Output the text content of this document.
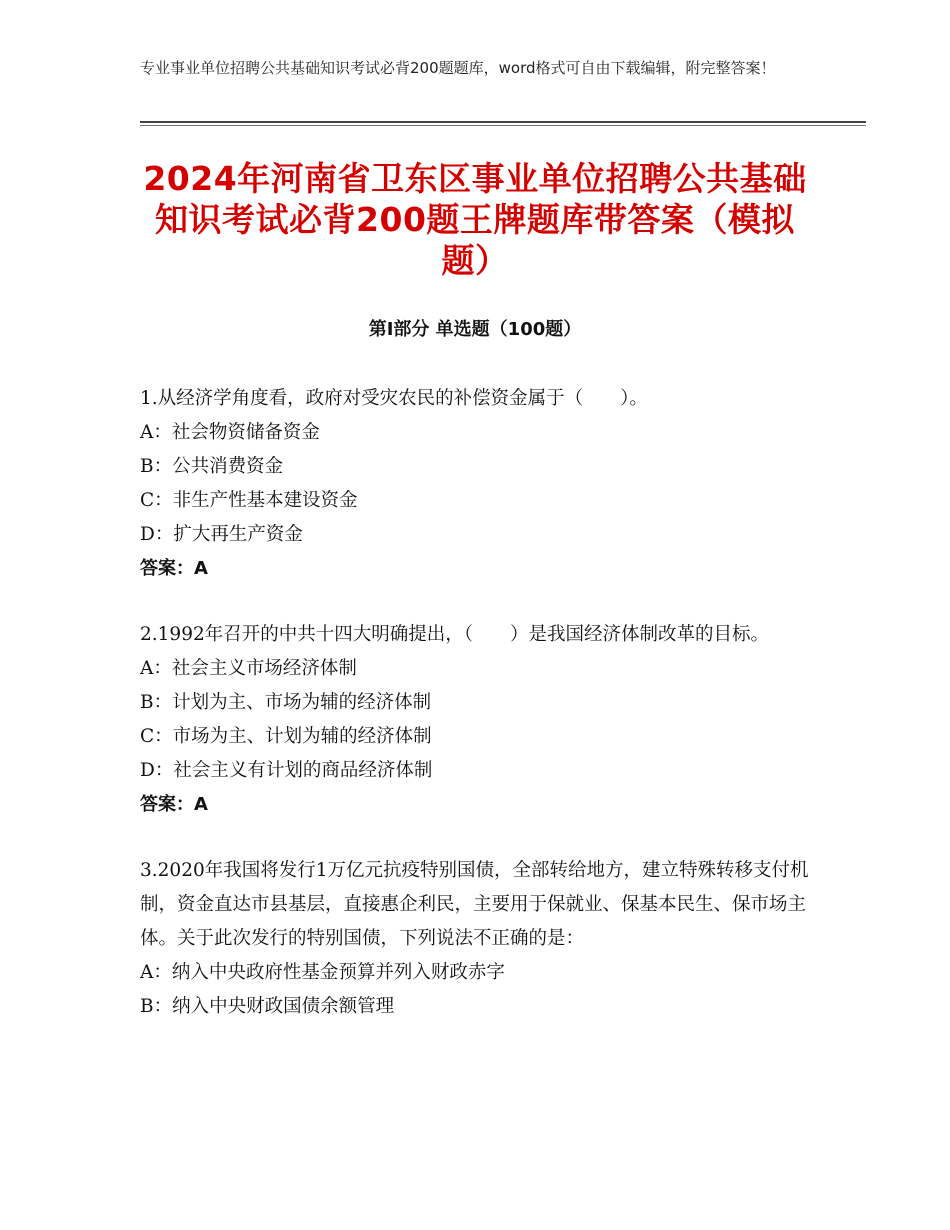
专业事业单位招聘公共基础知识考试必背200题题库，word格式可自由下载编辑，附完整答案！
2024年河南省卫东区事业单位招聘公共基础知识考试必背200题王牌题库带答案（模拟题）
第Ⅰ部分 单选题（100题）

1.从经济学角度看，政府对受灾农民的补偿资金属于（　　）。

A：社会物资储备资金

B：公共消费资金

C：非生产性基本建设资金

D：扩大再生产资金

答案：A

2.1992年召开的中共十四大明确提出，（　　）是我国经济体制改革的目标。

A：社会主义市场经济体制

B：计划为主、市场为辅的经济体制

C：市场为主、计划为辅的经济体制

D：社会主义有计划的商品经济体制

答案：A

3.2020年我国将发行1万亿元抗疫特别国债，全部转给地方，建立特殊转移支付机制，资金直达市县基层，直接惠企利民，主要用于保就业、保基本民生、保市场主体。关于此次发行的特别国债，下列说法不正确的是：

A：纳入中央政府性基金预算并列入财政赤字

B：纳入中央财政国债余额管理
